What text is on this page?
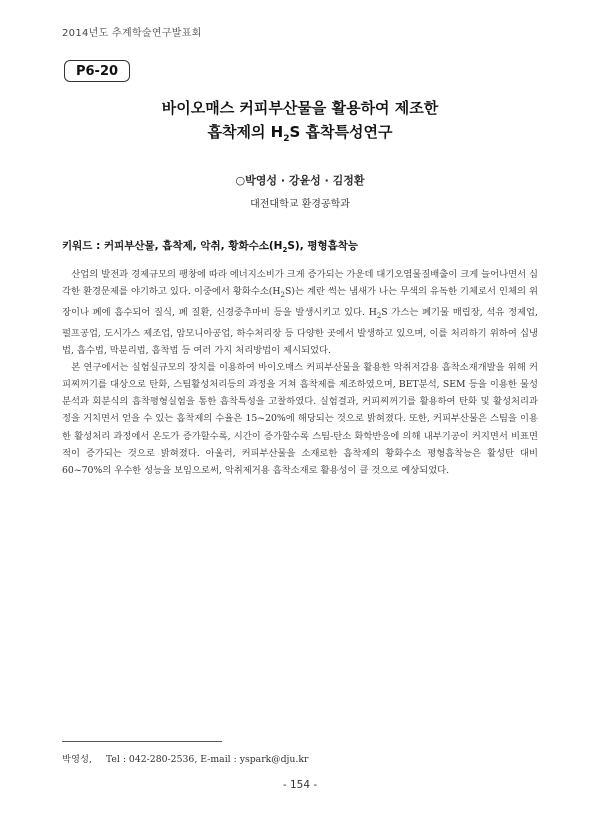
2014년도 추계학술연구발표회
P6-20
바이오매스 커피부산물을 활용하여 제조한
흡착제의 $H_2S$ 흡착특성연구
○박영성 · 강윤성 · 김정환
대전대학교 환경공학과
키워드 : 커피부산물, 흡착제, 악취, 황화수소$(H_2S)$, 평형흡착능

산업의 발전과 경제규모의 팽창에 따라 에너지소비가 크게 증가되는 가운데 대기오염물질배출이 크게 늘어나면서 심각한 환경문제를 야기하고 있다. 이중에서 황화수소$(H_2S)$는 계란 썩는 냄새가 나는 무색의 유독한 기체로서 인체의 위장이나 폐에 흡수되어 질식, 폐 질환, 신경중추마비 등을 발생시키고 있다. $H_2S$ 가스는 폐기물 매립장, 석유 정제업, 펄프공업, 도시가스 제조업, 암모니아공업, 하수처리장 등 다양한 곳에서 발생하고 있으며, 이를 처리하기 위하여 십냉법, 흡수법, 막분리법, 흡착법 등 여러 가지 처리방법이 제시되었다.

본 연구에서는 실험실규모의 장치를 이용하여 바이오매스 커피부산물을 활용한 악취저감용 흡착소재개발을 위해 커피찌꺼기를 대상으로 탄화, 스팀활성처리등의 과정을 거쳐 흡착제를 제조하였으며, BET분석, SEM 등을 이용한 물성분석과 회분식의 흡착평형실험을 통한 흡착특성을 고찰하였다. 실험결과, 커피찌꺼기를 활용하여 탄화 및 활성처리과정을 거치면서 얻을 수 있는 흡착제의 수율은 15~20%에 해당되는 것으로 밝혀졌다. 또한, 커피부산물은 스팀을 이용한 활성처리 과정에서 온도가 증가할수록, 시간이 증가할수록 스팀-탄소 화학반응에 의해 내부기공이 커지면서 비표면적이 증가되는 것으로 밝혀졌다. 아울러, 커피부산물을 소재로한 흡착제의 황화수소 평형흡착능은 활성탄 대비 60~70%의 우수한 성능을 보임으로써, 악취제거용 흡착소재로 활용성이 클 것으로 예상되었다.

박영성, Tel : 042-280-2536, E-mail : yspark@dju.kr
- 154 -
